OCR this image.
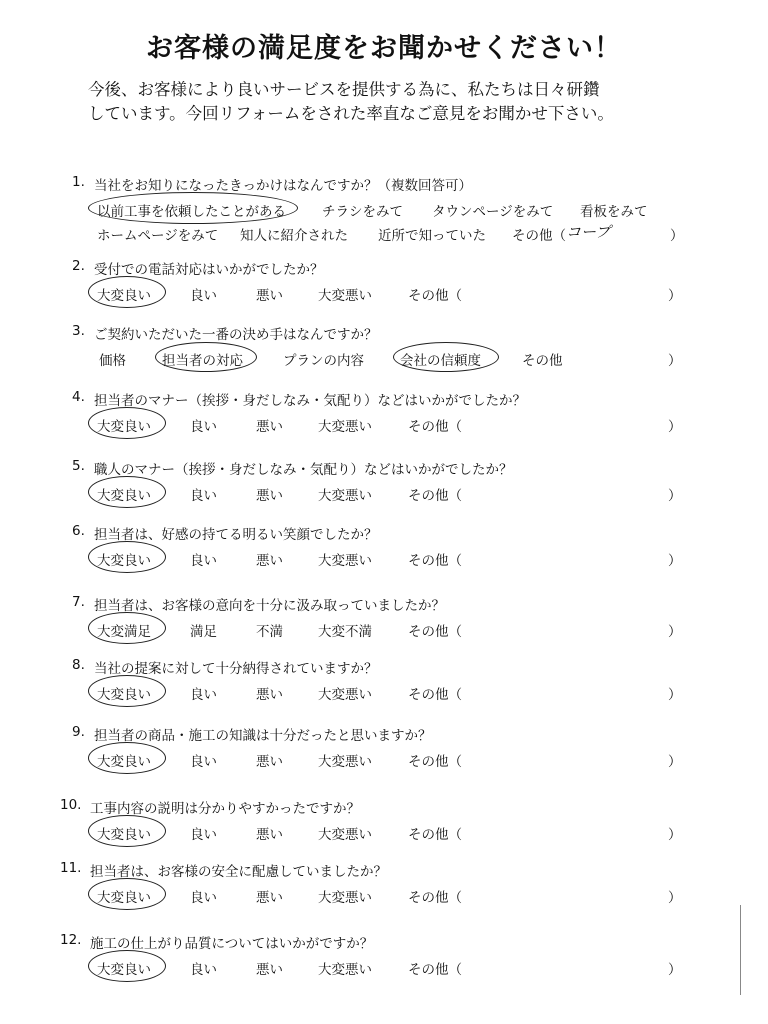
お客様の満足度をお聞かせください！
今後、お客様により良いサービスを提供する為に、私たちは日々研鑽
しています。今回リフォームをされた率直なご意見をお聞かせ下さい。
1. 当社をお知りになったきっかけはなんですか？（複数回答可）
以前工事を依頼したことがある	チラシをみて タウンページをみて 看板をみて
ホームページをみて 知人に紹介された 近所で知っていた その他（	）
コープ
2. 受付での電話対応はいかがでしたか？
大変良い	良い	悪い	大変悪い	その他（	）
3. ご契約いただいた一番の決め手はなんですか？
価格	担当者の対応	プランの内容	会社の信頼度	その他	）
4. 担当者のマナー（挨拶・身だしなみ・気配り）などはいかがでしたか？
大変良い	良い	悪い	大変悪い	その他（	）
5. 職人のマナー（挨拶・身だしなみ・気配り）などはいかがでしたか？
大変良い	良い	悪い	大変悪い	その他（	）
6. 担当者は、好感の持てる明るい笑顔でしたか？
大変良い	良い	悪い	大変悪い	その他（	）
7. 担当者は、お客様の意向を十分に汲み取っていましたか？
大変満足	満足	不満	大変不満	その他（	）
8. 当社の提案に対して十分納得されていますか？
大変良い	良い	悪い	大変悪い	その他（	）
9. 担当者の商品・施工の知識は十分だったと思いますか？
大変良い	良い	悪い	大変悪い	その他（	）
10. 工事内容の説明は分かりやすかったですか？
大変良い	良い	悪い	大変悪い	その他（	）
11. 担当者は、お客様の安全に配慮していましたか？
大変良い	良い	悪い	大変悪い	その他（	）
12. 施工の仕上がり品質についてはいかがですか？
大変良い	良い	悪い	大変悪い	その他（	）
